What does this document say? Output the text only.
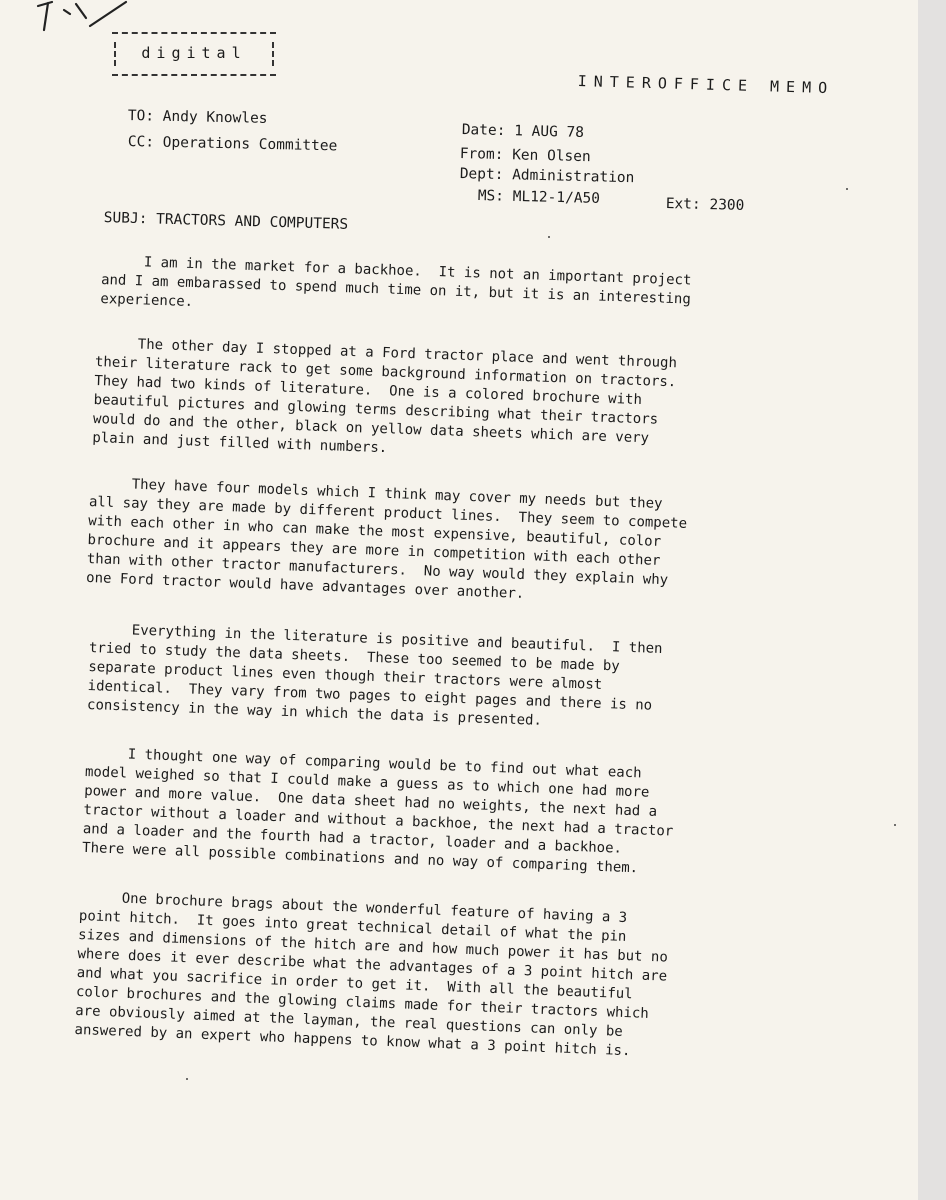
digital
INTEROFFICE MEMO
TO: Andy Knowles
CC: Operations Committee
Date: 1 AUG 78
From: Ken Olsen
Dept: Administration
MS: ML12-1/A50	Ext: 2300
SUBJ: TRACTORS AND COMPUTERS
I am in the market for a backhoe.  It is not an important project
and I am embarassed to spend much time on it, but it is an interesting
experience.
The other day I stopped at a Ford tractor place and went through
their literature rack to get some background information on tractors.
They had two kinds of literature.  One is a colored brochure with
beautiful pictures and glowing terms describing what their tractors
would do and the other, black on yellow data sheets which are very
plain and just filled with numbers.
They have four models which I think may cover my needs but they
all say they are made by different product lines.  They seem to compete
with each other in who can make the most expensive, beautiful, color
brochure and it appears they are more in competition with each other
than with other tractor manufacturers.  No way would they explain why
one Ford tractor would have advantages over another.
Everything in the literature is positive and beautiful.  I then
tried to study the data sheets.  These too seemed to be made by
separate product lines even though their tractors were almost
identical.  They vary from two pages to eight pages and there is no
consistency in the way in which the data is presented.
I thought one way of comparing would be to find out what each
model weighed so that I could make a guess as to which one had more
power and more value.  One data sheet had no weights, the next had a
tractor without a loader and without a backhoe, the next had a tractor
and a loader and the fourth had a tractor, loader and a backhoe.
There were all possible combinations and no way of comparing them.
One brochure brags about the wonderful feature of having a 3
point hitch.  It goes into great technical detail of what the pin
sizes and dimensions of the hitch are and how much power it has but no
where does it ever describe what the advantages of a 3 point hitch are
and what you sacrifice in order to get it.  With all the beautiful
color brochures and the glowing claims made for their tractors which
are obviously aimed at the layman, the real questions can only be
answered by an expert who happens to know what a 3 point hitch is.
